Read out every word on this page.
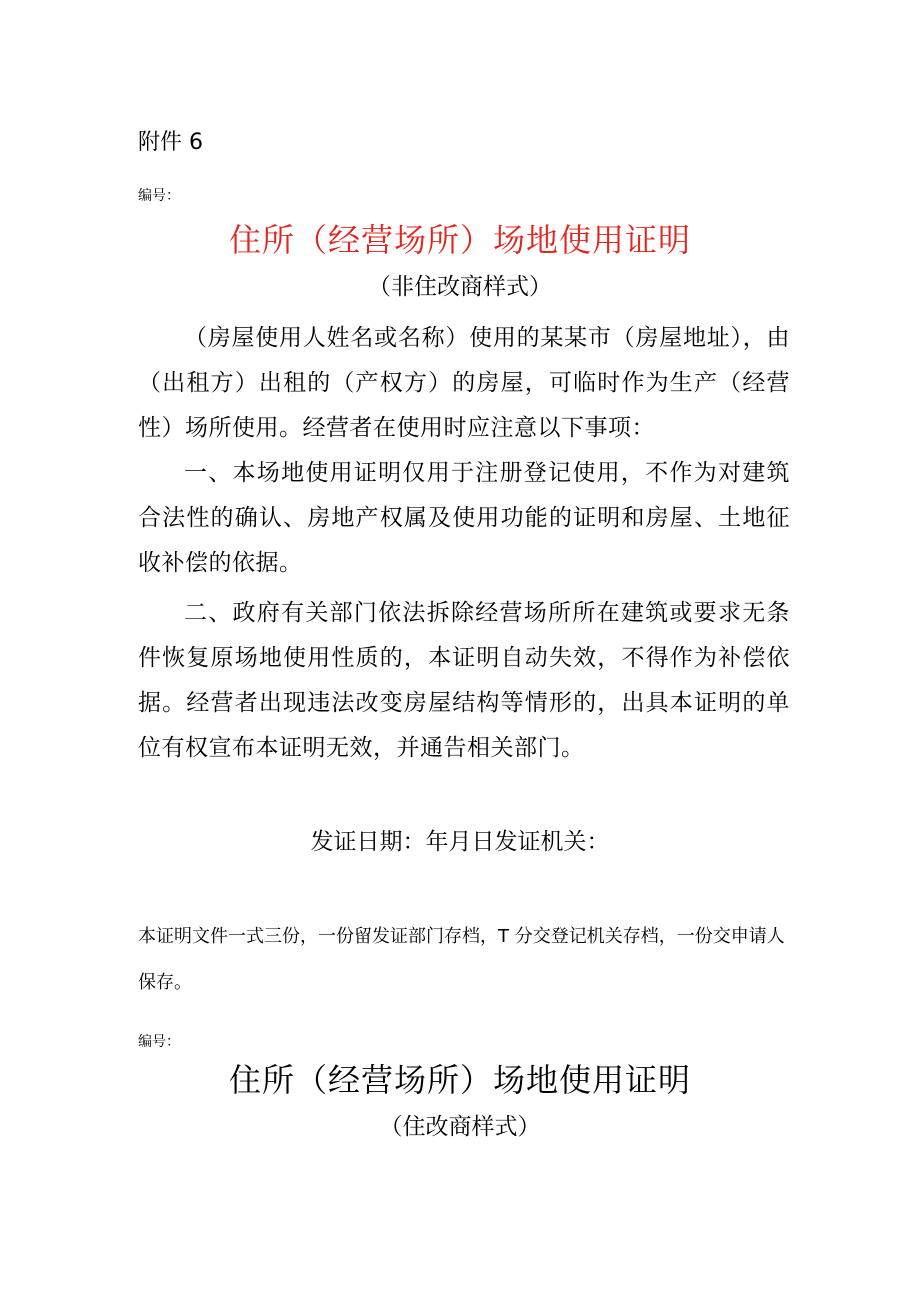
附件 6
编号：
住所（经营场所）场地使用证明
（非住改商样式）

（房屋使用人姓名或名称）使用的某某市（房屋地址），由（出租方）出租的（产权方）的房屋，可临时作为生产（经营性）场所使用。经营者在使用时应注意以下事项：

一、本场地使用证明仅用于注册登记使用，不作为对建筑合法性的确认、房地产权属及使用功能的证明和房屋、土地征收补偿的依据。

二、政府有关部门依法拆除经营场所所在建筑或要求无条件恢复原场地使用性质的，本证明自动失效，不得作为补偿依据。经营者出现违法改变房屋结构等情形的，出具本证明的单位有权宣布本证明无效，并通告相关部门。

发证日期：年月日发证机关：

本证明文件一式三份，一份留发证部门存档，T 分交登记机关存档，一份交申请人保存。

编号：
住所（经营场所）场地使用证明
（住改商样式）
